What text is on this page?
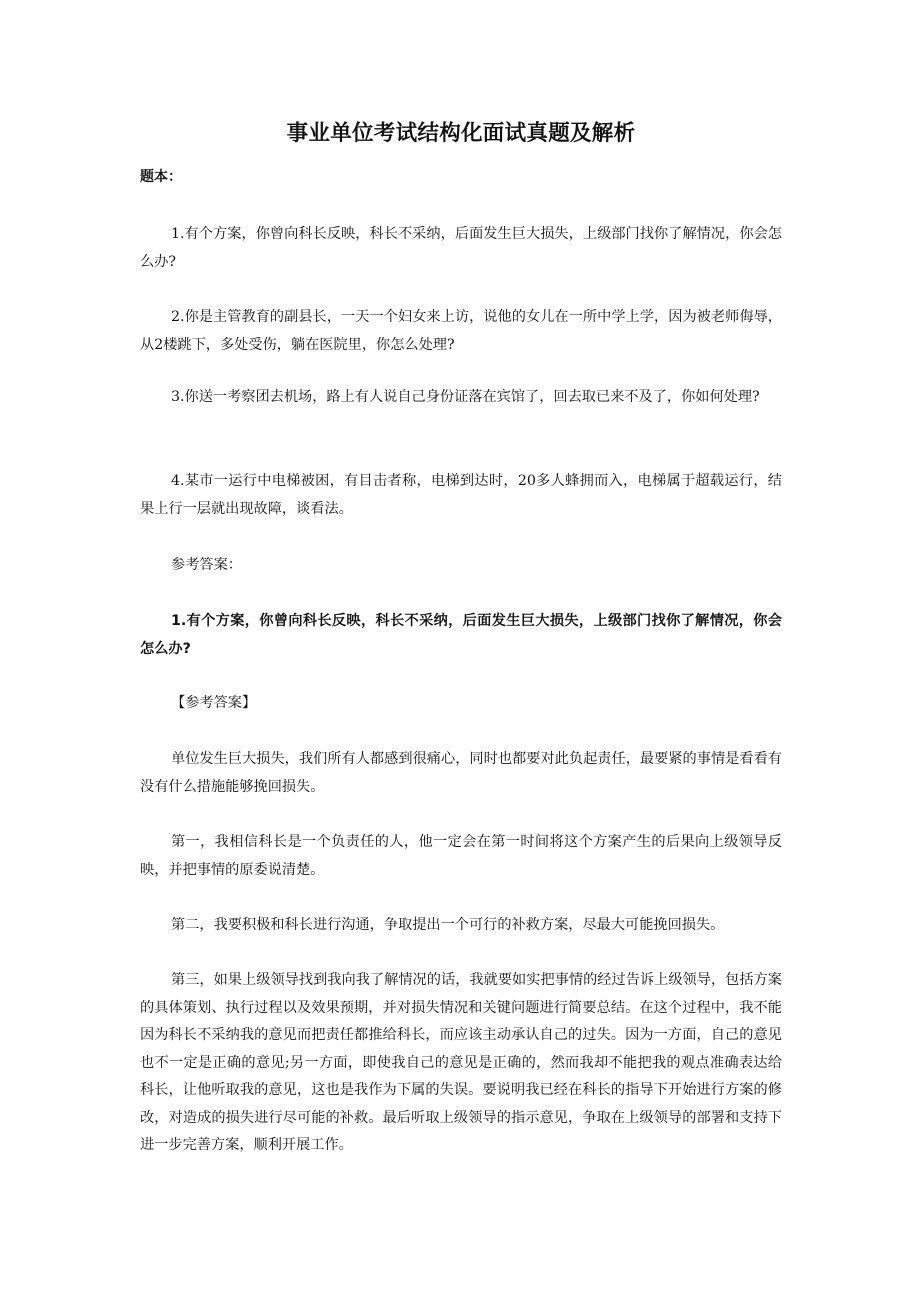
事业单位考试结构化面试真题及解析
题本：

1.有个方案，你曾向科长反映，科长不采纳，后面发生巨大损失，上级部门找你了解情况，你会怎么办?

2.你是主管教育的副县长，一天一个妇女来上访，说他的女儿在一所中学上学，因为被老师侮辱，从2楼跳下，多处受伤，躺在医院里，你怎么处理?

3.你送一考察团去机场，路上有人说自己身份证落在宾馆了，回去取已来不及了，你如何处理?

4.某市一运行中电梯被困，有目击者称，电梯到达时，20多人蜂拥而入，电梯属于超载运行，结果上行一层就出现故障，谈看法。

参考答案：

1.有个方案，你曾向科长反映，科长不采纳，后面发生巨大损失，上级部门找你了解情况，你会怎么办?

【参考答案】

单位发生巨大损失，我们所有人都感到很痛心，同时也都要对此负起责任，最要紧的事情是看看有没有什么措施能够挽回损失。

第一，我相信科长是一个负责任的人，他一定会在第一时间将这个方案产生的后果向上级领导反映，并把事情的原委说清楚。

第二，我要积极和科长进行沟通，争取提出一个可行的补救方案，尽最大可能挽回损失。

第三，如果上级领导找到我向我了解情况的话，我就要如实把事情的经过告诉上级领导，包括方案的具体策划、执行过程以及效果预期，并对损失情况和关键问题进行简要总结。在这个过程中，我不能因为科长不采纳我的意见而把责任都推给科长，而应该主动承认自己的过失。因为一方面，自己的意见也不一定是正确的意见;另一方面，即使我自己的意见是正确的，然而我却不能把我的观点准确表达给科长，让他听取我的意见，这也是我作为下属的失误。要说明我已经在科长的指导下开始进行方案的修改，对造成的损失进行尽可能的补救。最后听取上级领导的指示意见，争取在上级领导的部署和支持下进一步完善方案，顺利开展工作。
